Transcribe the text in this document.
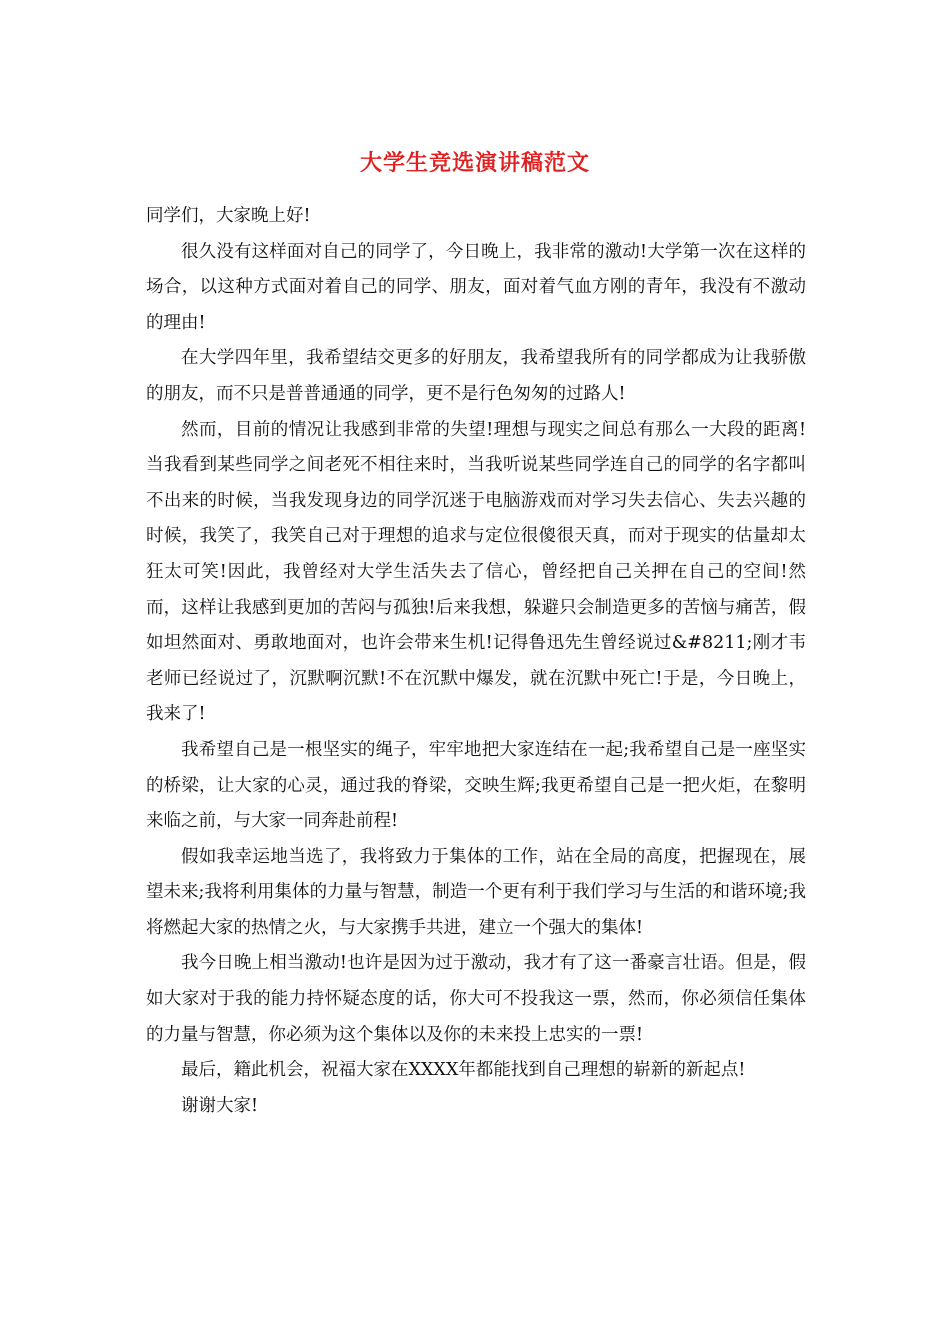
大学生竞选演讲稿范文

同学们，大家晚上好!

很久没有这样面对自己的同学了，今日晚上，我非常的激动!大学第一次在这样的场合，以这种方式面对着自己的同学、朋友，面对着气血方刚的青年，我没有不激动的理由!

在大学四年里，我希望结交更多的好朋友，我希望我所有的同学都成为让我骄傲的朋友，而不只是普普通通的同学，更不是行色匆匆的过路人!

然而，目前的情况让我感到非常的失望!理想与现实之间总有那么一大段的距离!当我看到某些同学之间老死不相往来时，当我听说某些同学连自己的同学的名字都叫不出来的时候，当我发现身边的同学沉迷于电脑游戏而对学习失去信心、失去兴趣的时候，我笑了，我笑自己对于理想的追求与定位很傻很天真，而对于现实的估量却太狂太可笑!因此，我曾经对大学生活失去了信心，曾经把自己关押在自己的空间!然而，这样让我感到更加的苦闷与孤独!后来我想，躲避只会制造更多的苦恼与痛苦，假如坦然面对、勇敢地面对，也许会带来生机!记得鲁迅先生曾经说过&#8211;刚才韦老师已经说过了，沉默啊沉默!不在沉默中爆发，就在沉默中死亡!于是，今日晚上，我来了!

我希望自己是一根坚实的绳子，牢牢地把大家连结在一起;我希望自己是一座坚实的桥梁，让大家的心灵，通过我的脊梁，交映生辉;我更希望自己是一把火炬，在黎明来临之前，与大家一同奔赴前程!

假如我幸运地当选了，我将致力于集体的工作，站在全局的高度，把握现在，展望未来;我将利用集体的力量与智慧，制造一个更有利于我们学习与生活的和谐环境;我将燃起大家的热情之火，与大家携手共进，建立一个强大的集体!

我今日晚上相当激动!也许是因为过于激动，我才有了这一番豪言壮语。但是，假如大家对于我的能力持怀疑态度的话，你大可不投我这一票，然而，你必须信任集体的力量与智慧，你必须为这个集体以及你的未来投上忠实的一票!

最后，籍此机会，祝福大家在XXXX年都能找到自己理想的崭新的新起点!

谢谢大家!
